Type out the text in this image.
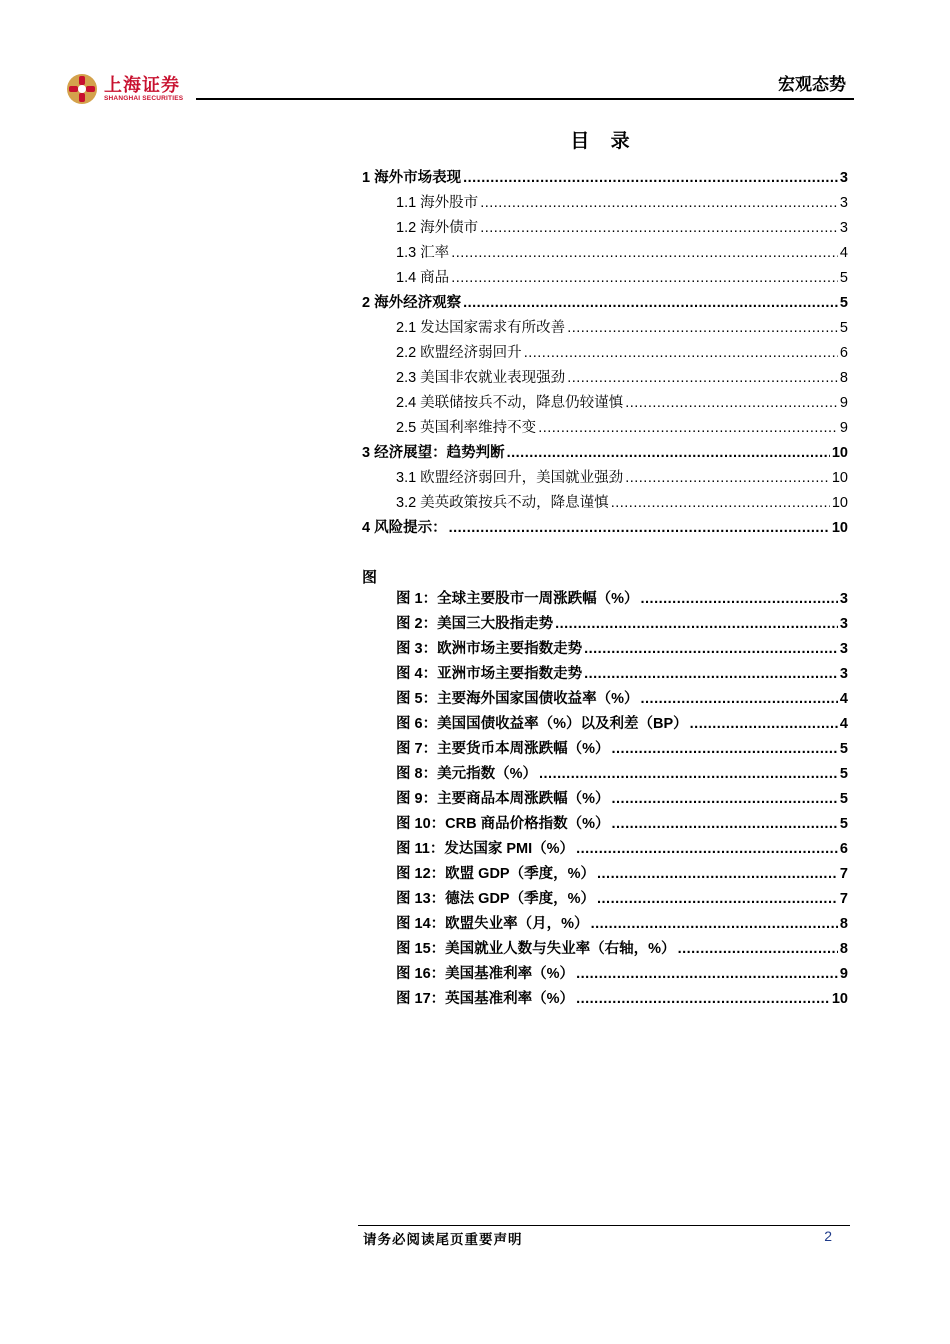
上海证券
SHANGHAI SECURITIES
宏观态势
目 录
1 海外市场表现 .....	3
1.1 海外股市 .....	3
1.2 海外债市 .....	3
1.3 汇率 .....	4
1.4 商品 .....	5
2 海外经济观察 .....	5
2.1 发达国家需求有所改善 .....	5
2.2 欧盟经济弱回升 .....	6
2.3 美国非农就业表现强劲 .....	8
2.4 美联储按兵不动，降息仍较谨慎 .....	9
2.5 英国利率维持不变 .....	9
3 经济展望：趋势判断 .....	10
3.1 欧盟经济弱回升，美国就业强劲 .....	10
3.2 美英政策按兵不动，降息谨慎 .....	10
4 风险提示： .....	10
图
图 1：全球主要股市一周涨跌幅（%） .....	3
图 2：美国三大股指走势 .....	3
图 3：欧洲市场主要指数走势 .....	3
图 4：亚洲市场主要指数走势 .....	3
图 5：主要海外国家国债收益率（%） .....	4
图 6：美国国债收益率（%）以及利差（BP） .....	4
图 7：主要货币本周涨跌幅（%） .....	5
图 8：美元指数（%） .....	5
图 9：主要商品本周涨跌幅（%） .....	5
图 10：CRB 商品价格指数（%） .....	5
图 11：发达国家 PMI（%） .....	6
图 12：欧盟 GDP（季度，%） .....	7
图 13：德法 GDP（季度，%） .....	7
图 14：欧盟失业率（月，%） .....	8
图 15：美国就业人数与失业率（右轴，%） .....	8
图 16：美国基准利率（%） .....	9
图 17：英国基准利率（%） .....	10
请务必阅读尾页重要声明	2
